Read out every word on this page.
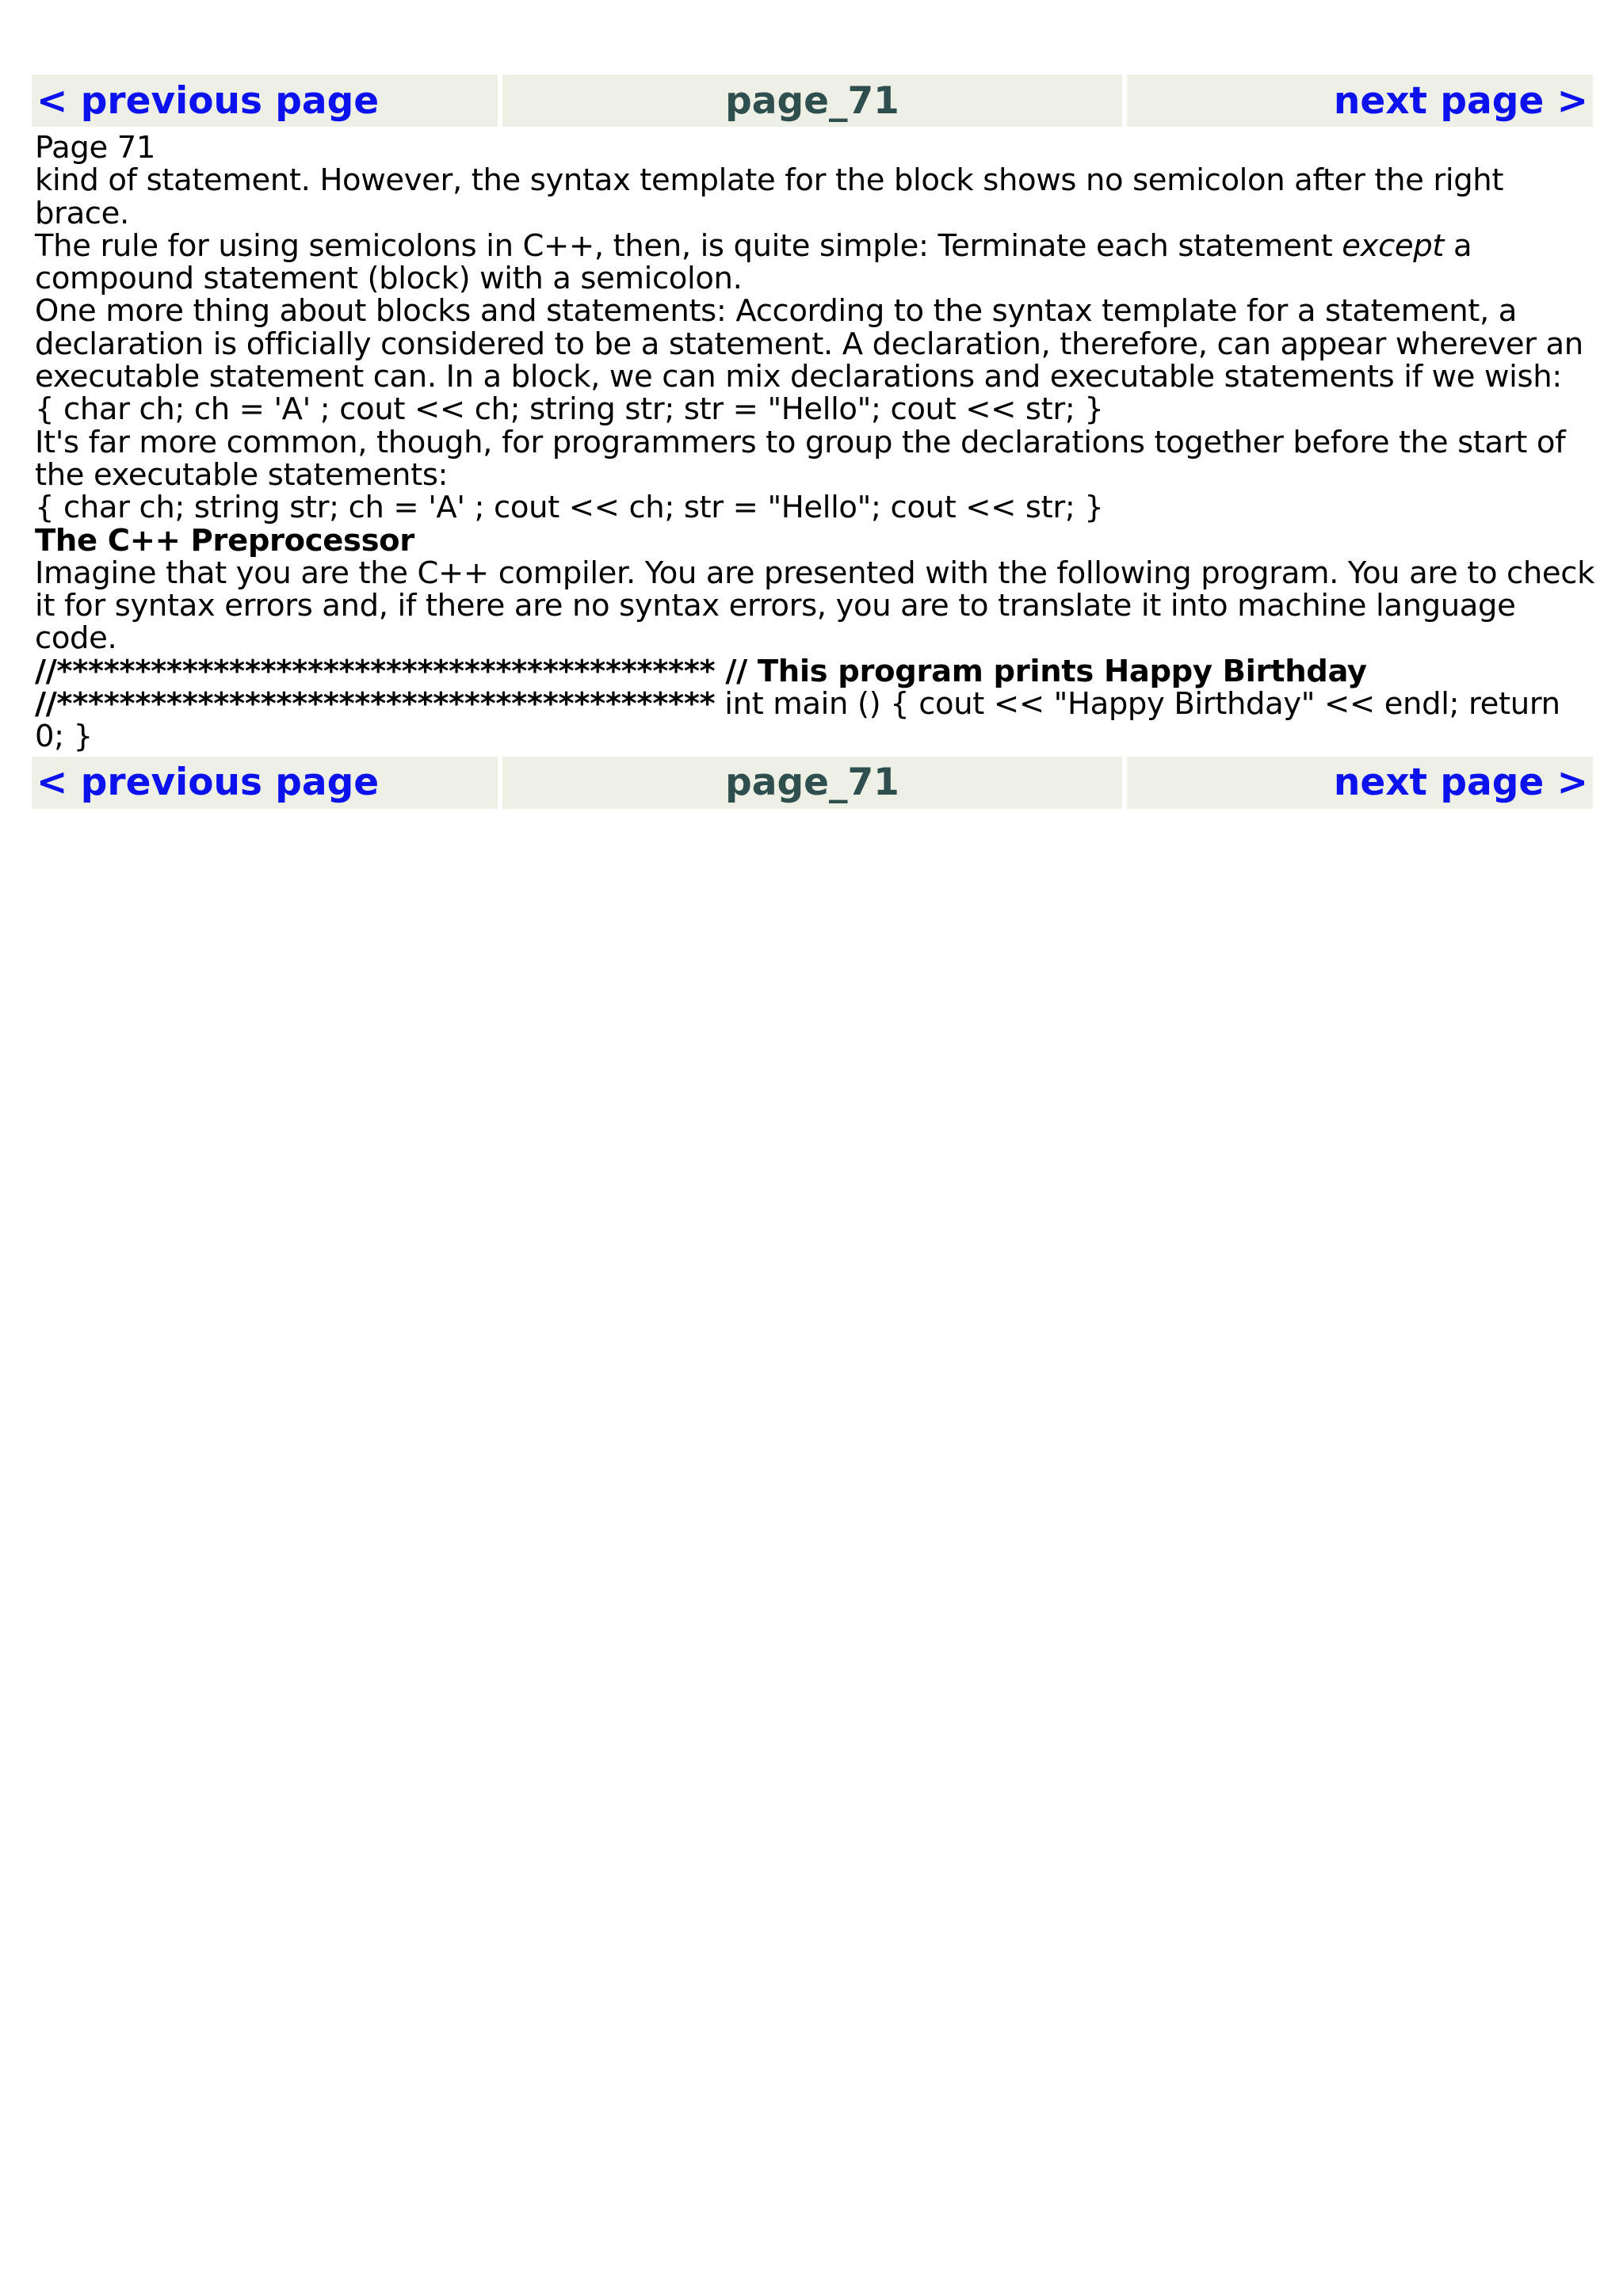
< previous page	page_71	next page >

Page 71

kind of statement. However, the syntax template for the block shows no semicolon after the right brace.

The rule for using semicolons in C++, then, is quite simple: Terminate each statement except a compound statement (block) with a semicolon.

One more thing about blocks and statements: According to the syntax template for a statement, a declaration is officially considered to be a statement. A declaration, therefore, can appear wherever an executable statement can. In a block, we can mix declarations and executable statements if we wish:

{ char ch; ch = 'A' ; cout << ch; string str; str = "Hello"; cout << str; }

It's far more common, though, for programmers to group the declarations together before the start of the executable statements:

{ char ch; string str; ch = 'A' ; cout << ch; str = "Hello"; cout << str; }

The C++ Preprocessor

Imagine that you are the C++ compiler. You are presented with the following program. You are to check it for syntax errors and, if there are no syntax errors, you are to translate it into machine language code.

//****************************************** // This program prints Happy Birthday //****************************************** int main () { cout << "Happy Birthday" << endl; return 0; }

< previous page	page_71	next page >
